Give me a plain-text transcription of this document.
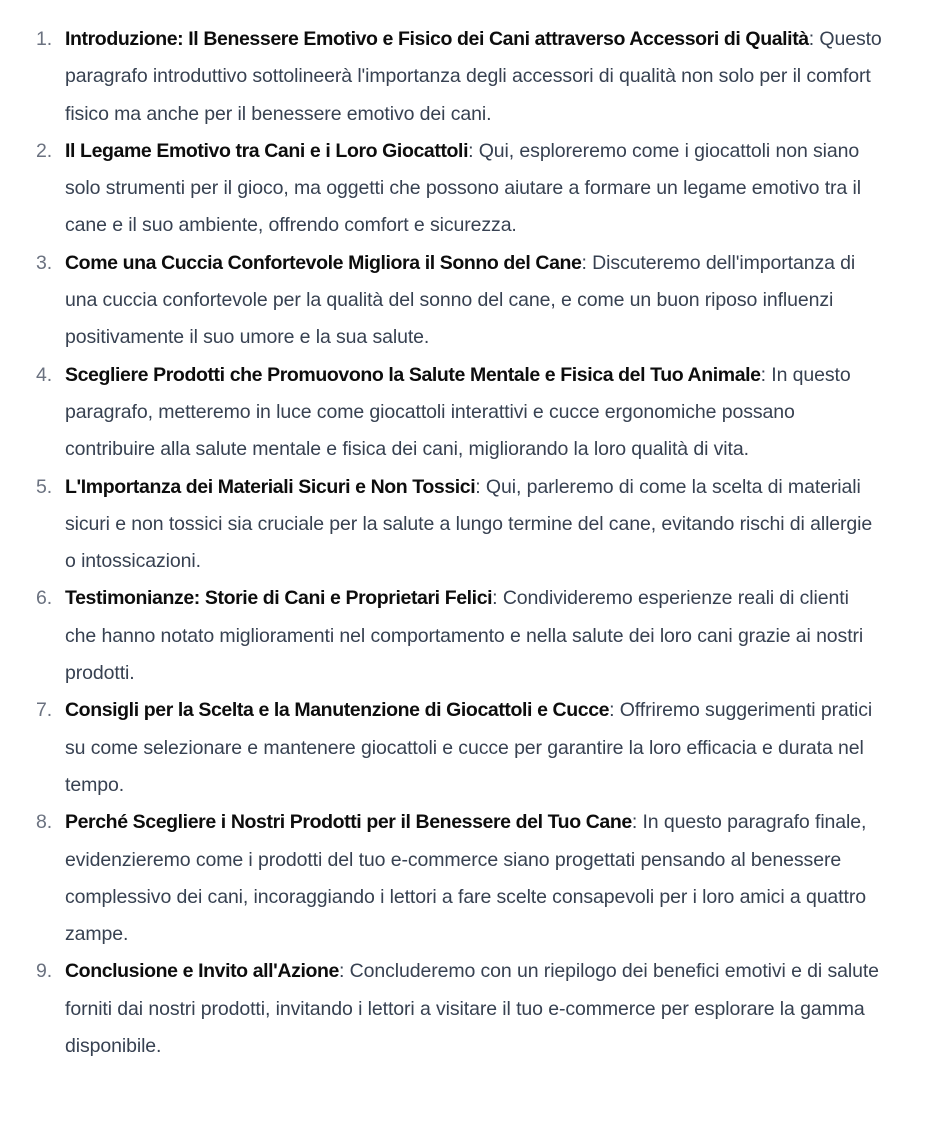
1. Introduzione: Il Benessere Emotivo e Fisico dei Cani attraverso Accessori di Qualità: Questo paragrafo introduttivo sottolineerà l'importanza degli accessori di qualità non solo per il comfort fisico ma anche per il benessere emotivo dei cani.
2. Il Legame Emotivo tra Cani e i Loro Giocattoli: Qui, esploreremo come i giocattoli non siano solo strumenti per il gioco, ma oggetti che possono aiutare a formare un legame emotivo tra il cane e il suo ambiente, offrendo comfort e sicurezza.
3. Come una Cuccia Confortevole Migliora il Sonno del Cane: Discuteremo dell'importanza di una cuccia confortevole per la qualità del sonno del cane, e come un buon riposo influenzi positivamente il suo umore e la sua salute.
4. Scegliere Prodotti che Promuovono la Salute Mentale e Fisica del Tuo Animale: In questo paragrafo, metteremo in luce come giocattoli interattivi e cucce ergonomiche possano contribuire alla salute mentale e fisica dei cani, migliorando la loro qualità di vita.
5. L'Importanza dei Materiali Sicuri e Non Tossici: Qui, parleremo di come la scelta di materiali sicuri e non tossici sia cruciale per la salute a lungo termine del cane, evitando rischi di allergie o intossicazioni.
6. Testimonianze: Storie di Cani e Proprietari Felici: Condivideremo esperienze reali di clienti che hanno notato miglioramenti nel comportamento e nella salute dei loro cani grazie ai nostri prodotti.
7. Consigli per la Scelta e la Manutenzione di Giocattoli e Cucce: Offriremo suggerimenti pratici su come selezionare e mantenere giocattoli e cucce per garantire la loro efficacia e durata nel tempo.
8. Perché Scegliere i Nostri Prodotti per il Benessere del Tuo Cane: In questo paragrafo finale, evidenzieremo come i prodotti del tuo e-commerce siano progettati pensando al benessere complessivo dei cani, incoraggiando i lettori a fare scelte consapevoli per i loro amici a quattro zampe.
9. Conclusione e Invito all'Azione: Concluderemo con un riepilogo dei benefici emotivi e di salute forniti dai nostri prodotti, invitando i lettori a visitare il tuo e-commerce per esplorare la gamma disponibile.
